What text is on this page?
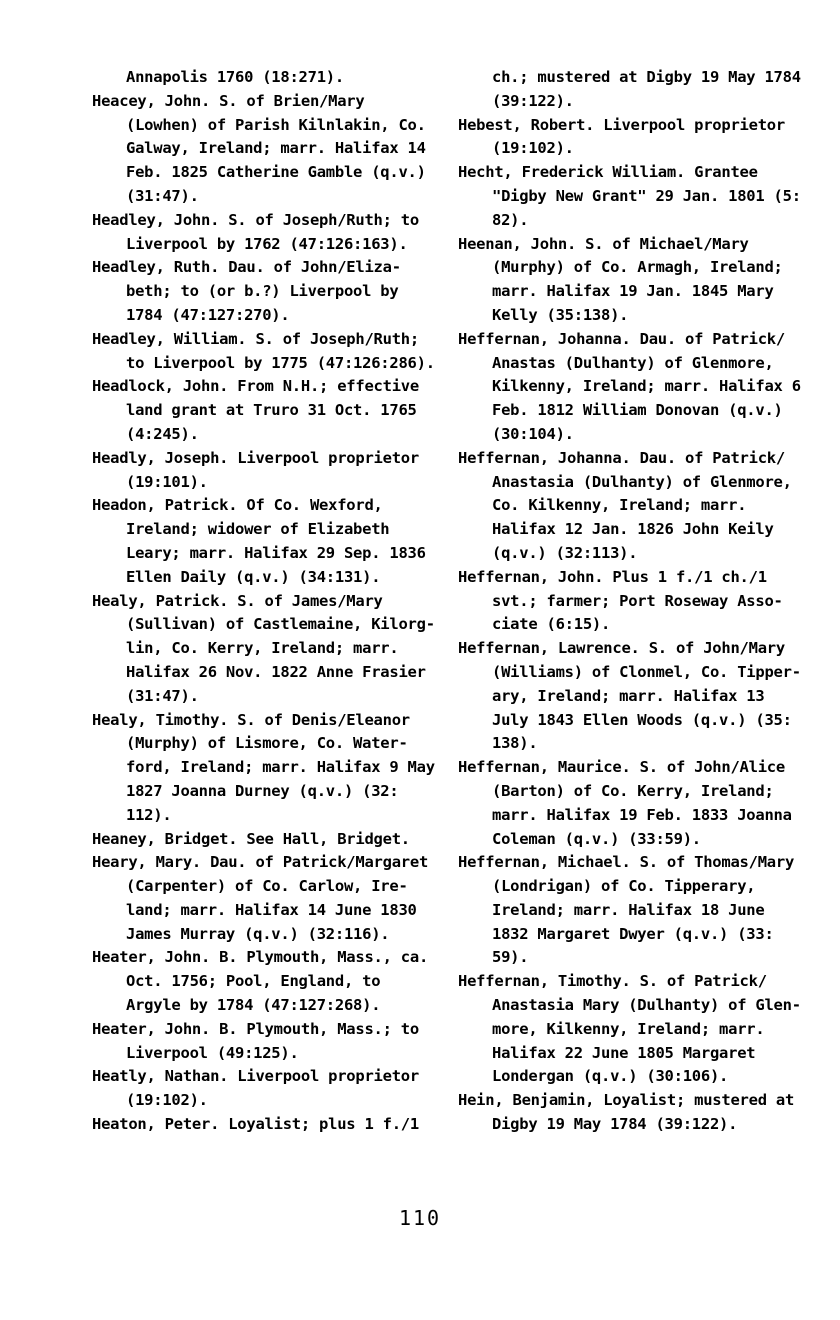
Annapolis 1760 (18:271).
Heacey, John. S. of Brien/Mary
(Lowhen) of Parish Kilnlakin, Co.
Galway, Ireland; marr. Halifax 14
Feb. 1825 Catherine Gamble (q.v.)
(31:47).
Headley, John. S. of Joseph/Ruth; to
Liverpool by 1762 (47:126:163).
Headley, Ruth. Dau. of John/Eliza-
beth; to (or b.?) Liverpool by
1784 (47:127:270).
Headley, William. S. of Joseph/Ruth;
to Liverpool by 1775 (47:126:286).
Headlock, John. From N.H.; effective
land grant at Truro 31 Oct. 1765
(4:245).
Headly, Joseph. Liverpool proprietor
(19:101).
Headon, Patrick. Of Co. Wexford,
Ireland; widower of Elizabeth
Leary; marr. Halifax 29 Sep. 1836
Ellen Daily (q.v.) (34:131).
Healy, Patrick. S. of James/Mary
(Sullivan) of Castlemaine, Kilorg-
lin, Co. Kerry, Ireland; marr.
Halifax 26 Nov. 1822 Anne Frasier
(31:47).
Healy, Timothy. S. of Denis/Eleanor
(Murphy) of Lismore, Co. Water-
ford, Ireland; marr. Halifax 9 May
1827 Joanna Durney (q.v.) (32:
112).
Heaney, Bridget. See Hall, Bridget.
Heary, Mary. Dau. of Patrick/Margaret
(Carpenter) of Co. Carlow, Ire-
land; marr. Halifax 14 June 1830
James Murray (q.v.) (32:116).
Heater, John. B. Plymouth, Mass., ca.
Oct. 1756; Pool, England, to
Argyle by 1784 (47:127:268).
Heater, John. B. Plymouth, Mass.; to
Liverpool (49:125).
Heatly, Nathan. Liverpool proprietor
(19:102).
Heaton, Peter. Loyalist; plus 1 f./1
ch.; mustered at Digby 19 May 1784
(39:122).
Hebest, Robert. Liverpool proprietor
(19:102).
Hecht, Frederick William. Grantee
"Digby New Grant" 29 Jan. 1801 (5:
82).
Heenan, John. S. of Michael/Mary
(Murphy) of Co. Armagh, Ireland;
marr. Halifax 19 Jan. 1845 Mary
Kelly (35:138).
Heffernan, Johanna. Dau. of Patrick/
Anastas (Dulhanty) of Glenmore,
Kilkenny, Ireland; marr. Halifax 6
Feb. 1812 William Donovan (q.v.)
(30:104).
Heffernan, Johanna. Dau. of Patrick/
Anastasia (Dulhanty) of Glenmore,
Co. Kilkenny, Ireland; marr.
Halifax 12 Jan. 1826 John Keily
(q.v.) (32:113).
Heffernan, John. Plus 1 f./1 ch./1
svt.; farmer; Port Roseway Asso-
ciate (6:15).
Heffernan, Lawrence. S. of John/Mary
(Williams) of Clonmel, Co. Tipper-
ary, Ireland; marr. Halifax 13
July 1843 Ellen Woods (q.v.) (35:
138).
Heffernan, Maurice. S. of John/Alice
(Barton) of Co. Kerry, Ireland;
marr. Halifax 19 Feb. 1833 Joanna
Coleman (q.v.) (33:59).
Heffernan, Michael. S. of Thomas/Mary
(Londrigan) of Co. Tipperary,
Ireland; marr. Halifax 18 June
1832 Margaret Dwyer (q.v.) (33:
59).
Heffernan, Timothy. S. of Patrick/
Anastasia Mary (Dulhanty) of Glen-
more, Kilkenny, Ireland; marr.
Halifax 22 June 1805 Margaret
Londergan (q.v.) (30:106).
Hein, Benjamin, Loyalist; mustered at
Digby 19 May 1784 (39:122).
110
